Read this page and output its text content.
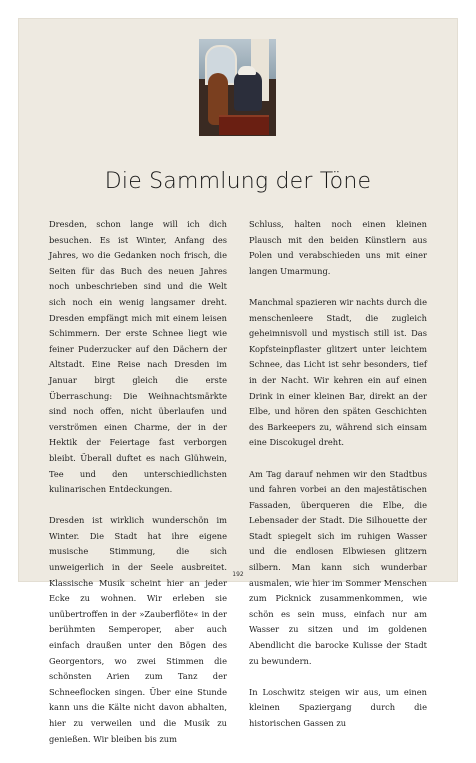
Die Sammlung der Töne

Dresden, schon lange will ich dich besuchen. Es ist Winter, Anfang des Jahres, wo die Gedanken noch frisch, die Seiten für das Buch des neuen Jahres noch unbeschrieben sind und die Welt sich noch ein wenig langsamer dreht. Dresden empfängt mich mit einem leisen Schimmern. Der erste Schnee liegt wie feiner Puderzucker auf den Dächern der Altstadt. Eine Reise nach Dresden im Januar birgt gleich die erste Überraschung: Die Weihnachtsmärkte sind noch offen, nicht überlaufen und verströmen einen Charme, der in der Hektik der Feiertage fast verborgen bleibt. Überall duftet es nach Glühwein, Tee und den unterschiedlichsten kulinarischen Entdeckungen.

Dresden ist wirklich wunderschön im Winter. Die Stadt hat ihre eigene musische Stimmung, die sich unweigerlich in der Seele ausbreitet. Klassische Musik scheint hier an jeder Ecke zu wohnen. Wir erleben sie unübertroffen in der »Zauberflöte« in der berühmten Semperoper, aber auch einfach draußen unter den Bögen des Georgentors, wo zwei Stimmen die schönsten Arien zum Tanz der Schneeflocken singen. Über eine Stunde kann uns die Kälte nicht davon abhalten, hier zu verweilen und die Musik zu genießen. Wir bleiben bis zum

Schluss, halten noch einen kleinen Plausch mit den beiden Künstlern aus Polen und verabschieden uns mit einer langen Umarmung.

Manchmal spazieren wir nachts durch die menschenleere Stadt, die zugleich geheimnisvoll und mystisch still ist. Das Kopfsteinpflaster glitzert unter leichtem Schnee, das Licht ist sehr besonders, tief in der Nacht. Wir kehren ein auf einen Drink in einer kleinen Bar, direkt an der Elbe, und hören den späten Geschichten des Barkeepers zu, während sich einsam eine Discokugel dreht.

Am Tag darauf nehmen wir den Stadtbus und fahren vorbei an den majestätischen Fassaden, überqueren die Elbe, die Lebensader der Stadt. Die Silhouette der Stadt spiegelt sich im ruhigen Wasser und die endlosen Elbwiesen glitzern silbern. Man kann sich wunderbar ausmalen, wie hier im Sommer Menschen zum Picknick zusammenkommen, wie schön es sein muss, einfach nur am Wasser zu sitzen und im goldenen Abendlicht die barocke Kulisse der Stadt zu bewundern.

In Loschwitz steigen wir aus, um einen kleinen Spaziergang durch die historischen Gassen zu

192
